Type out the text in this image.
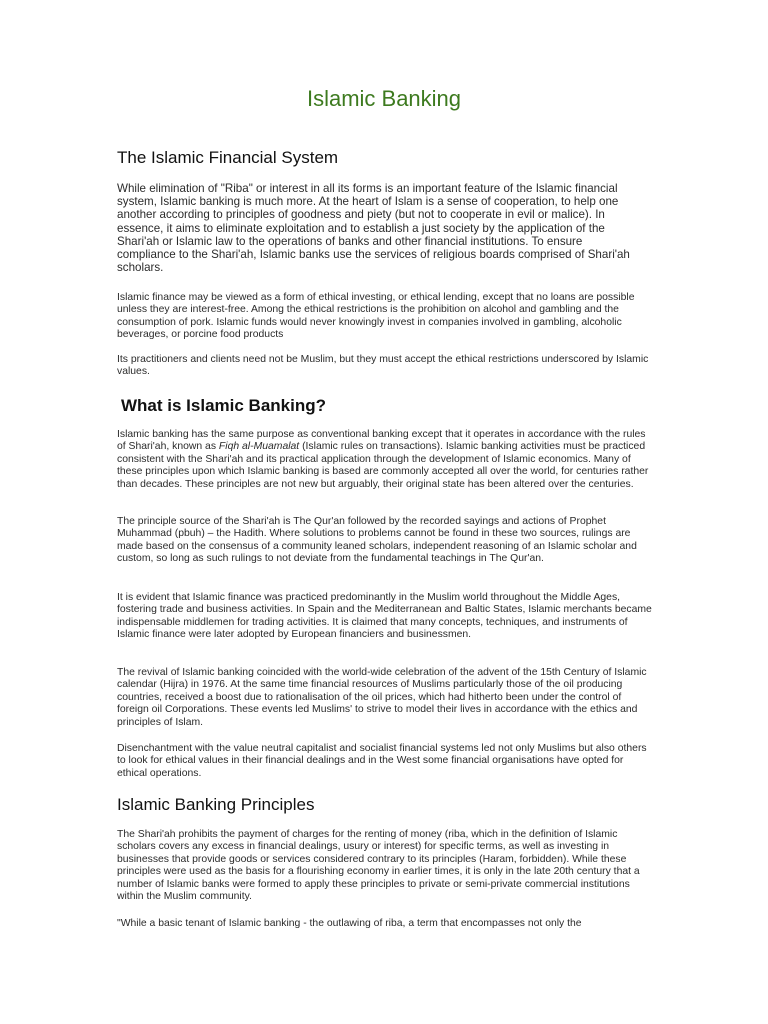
Islamic Banking
The Islamic Financial System

While elimination of "Riba" or interest in all its forms is an important feature of the Islamic financial system, Islamic banking is much more. At the heart of Islam is a sense of cooperation, to help one another according to principles of goodness and piety (but not to cooperate in evil or malice). In essence, it aims to eliminate exploitation and to establish a just society by the application of the Shari'ah or Islamic law to the operations of banks and other financial institutions. To ensure compliance to the Shari'ah, Islamic banks use the services of religious boards comprised of Shari'ah scholars.

Islamic finance may be viewed as a form of ethical investing, or ethical lending, except that no loans are possible unless they are interest-free. Among the ethical restrictions is the prohibition on alcohol and gambling and the consumption of pork. Islamic funds would never knowingly invest in companies involved in gambling, alcoholic beverages, or porcine food products

Its practitioners and clients need not be Muslim, but they must accept the ethical restrictions underscored by Islamic values.

What is Islamic Banking?

Islamic banking has the same purpose as conventional banking except that it operates in accordance with the rules of Shari'ah, known as Fiqh al-Muamalat (Islamic rules on transactions). Islamic banking activities must be practiced consistent with the Shari'ah and its practical application through the development of Islamic economics. Many of these principles upon which Islamic banking is based are commonly accepted all over the world, for centuries rather than decades. These principles are not new but arguably, their original state has been altered over the centuries.

The principle source of the Shari'ah is The Qur'an followed by the recorded sayings and actions of Prophet Muhammad (pbuh) – the Hadith. Where solutions to problems cannot be found in these two sources, rulings are made based on the consensus of a community leaned scholars, independent reasoning of an Islamic scholar and custom, so long as such rulings to not deviate from the fundamental teachings in The Qur'an.

It is evident that Islamic finance was practiced predominantly in the Muslim world throughout the Middle Ages, fostering trade and business activities. In Spain and the Mediterranean and Baltic States, Islamic merchants became indispensable middlemen for trading activities. It is claimed that many concepts, techniques, and instruments of Islamic finance were later adopted by European financiers and businessmen.

The revival of Islamic banking coincided with the world-wide celebration of the advent of the 15th Century of Islamic calendar (Hijra) in 1976. At the same time financial resources of Muslims particularly those of the oil producing countries, received a boost due to rationalisation of the oil prices, which had hitherto been under the control of foreign oil Corporations. These events led Muslims' to strive to model their lives in accordance with the ethics and principles of Islam.

Disenchantment with the value neutral capitalist and socialist financial systems led not only Muslims but also others to look for ethical values in their financial dealings and in the West some financial organisations have opted for ethical operations.

Islamic Banking Principles

The Shari'ah prohibits the payment of charges for the renting of money (riba, which in the definition of Islamic scholars covers any excess in financial dealings, usury or interest) for specific terms, as well as investing in businesses that provide goods or services considered contrary to its principles (Haram, forbidden). While these principles were used as the basis for a flourishing economy in earlier times, it is only in the late 20th century that a number of Islamic banks were formed to apply these principles to private or semi-private commercial institutions within the Muslim community.

"While a basic tenant of Islamic banking - the outlawing of riba, a term that encompasses not only the
